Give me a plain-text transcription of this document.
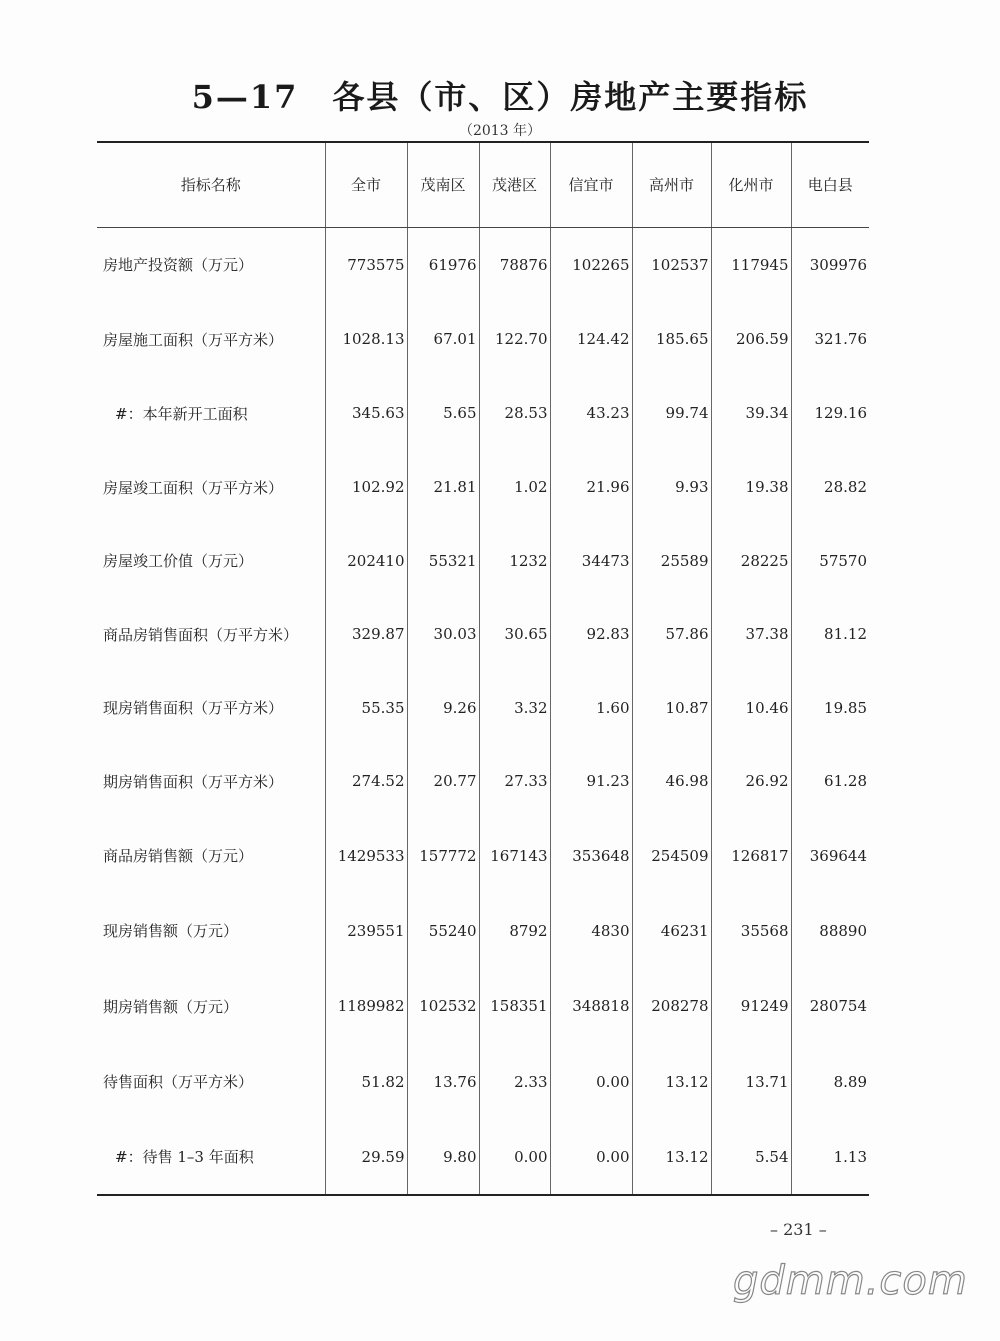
5—17　各县（市、区）房地产主要指标
（2013 年）
指标名称	全市	茂南区	茂港区	信宜市	高州市	化州市	电白县
房地产投资额（万元）	773575	61976	78876	102265	102537	117945	309976
房屋施工面积（万平方米）	1028.13	67.01	122.70	124.42	185.65	206.59	321.76
#：本年新开工面积	345.63	5.65	28.53	43.23	99.74	39.34	129.16
房屋竣工面积（万平方米）	102.92	21.81	1.02	21.96	9.93	19.38	28.82
房屋竣工价值（万元）	202410	55321	1232	34473	25589	28225	57570
商品房销售面积（万平方米）	329.87	30.03	30.65	92.83	57.86	37.38	81.12
现房销售面积（万平方米）	55.35	9.26	3.32	1.60	10.87	10.46	19.85
期房销售面积（万平方米）	274.52	20.77	27.33	91.23	46.98	26.92	61.28
商品房销售额（万元）	1429533	157772	167143	353648	254509	126817	369644
现房销售额（万元）	239551	55240	8792	4830	46231	35568	88890
期房销售额（万元）	1189982	102532	158351	348818	208278	91249	280754
待售面积（万平方米）	51.82	13.76	2.33	0.00	13.12	13.71	8.89
#：待售 1–3 年面积	29.59	9.80	0.00	0.00	13.12	5.54	1.13
– 231 –
gdmm.com
